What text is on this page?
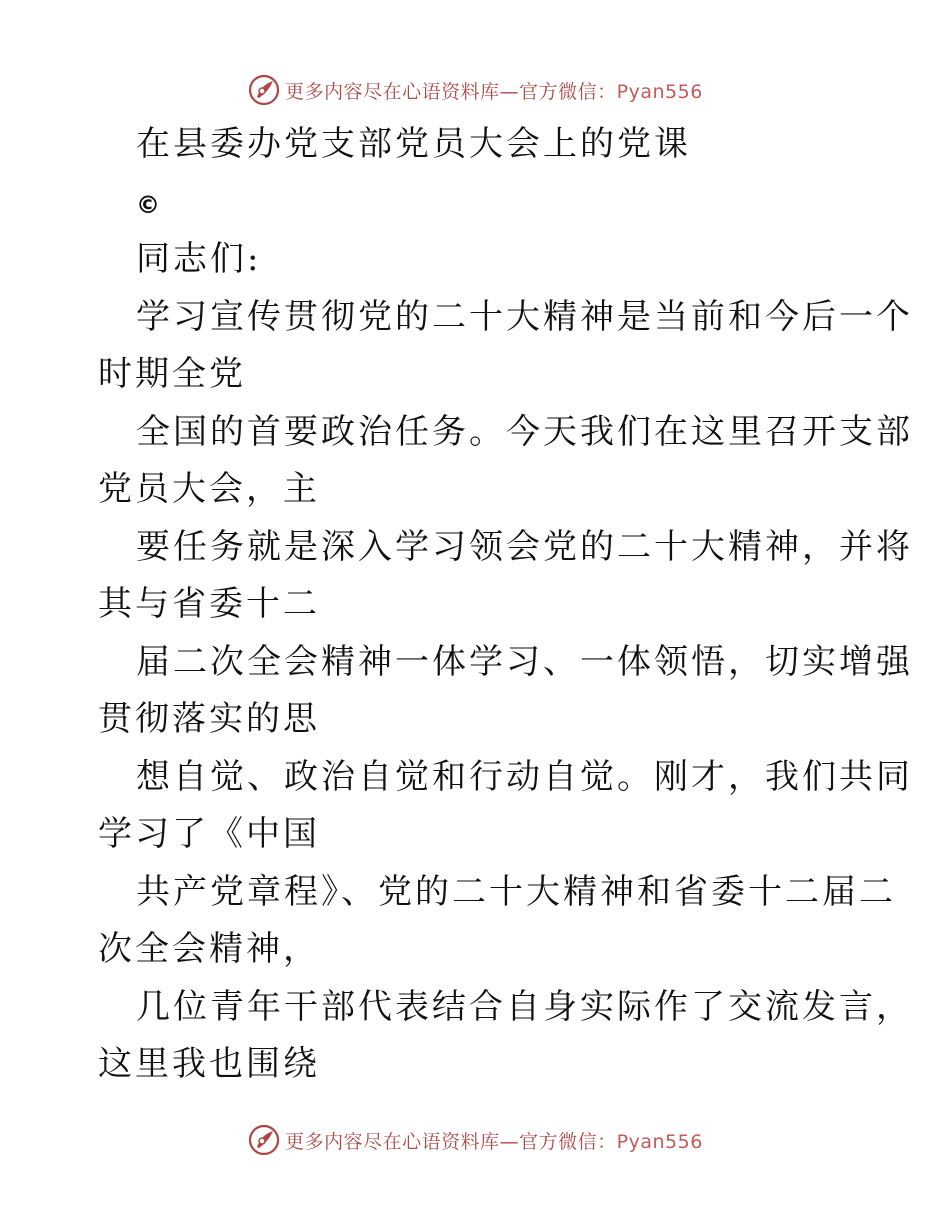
更多内容尽在心语资料库—官方微信：Pyan556
在县委办党支部党员大会上的党课
©
同志们:
学习宣传贯彻党的二十大精神是当前和今后一个
时期全党
全国的首要政治任务。今天我们在这里召开支部
党员大会，主
要任务就是深入学习领会党的二十大精神，并将
其与省委十二
届二次全会精神一体学习、一体领悟，切实增强
贯彻落实的思
想自觉、政治自觉和行动自觉。刚才，我们共同
学习了《中国
共产党章程》、党的二十大精神和省委十二届二
次全会精神，
几位青年干部代表结合自身实际作了交流发言，
这里我也围绕
更多内容尽在心语资料库—官方微信：Pyan556
